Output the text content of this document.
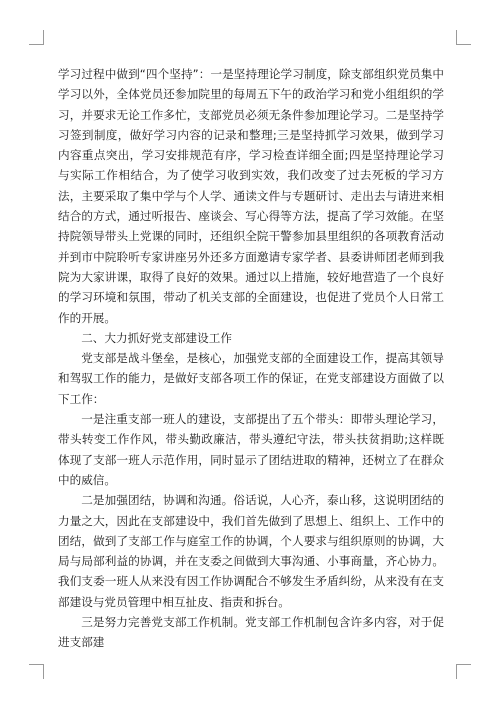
学习过程中做到“四个坚持”：一是坚持理论学习制度，除支部组织党员集中学习以外，全体党员还参加院里的每周五下午的政治学习和党小组组织的学习，并要求无论工作多忙，支部党员必须无条件参加理论学习。二是坚持学习签到制度，做好学习内容的记录和整理;三是坚持抓学习效果，做到学习内容重点突出，学习安排规范有序，学习检查详细全面;四是坚持理论学习与实际工作相结合，为了使学习收到实效，我们改变了过去死板的学习方法，主要采取了集中学与个人学、通读文件与专题研讨、走出去与请进来相结合的方式，通过听报告、座谈会、写心得等方法，提高了学习效能。在坚持院领导带头上党课的同时，还组织全院干警参加县里组织的各项教育活动并到市中院聆听专家讲座另外还多方面邀请专家学者、县委讲师团老师到我院为大家讲课，取得了良好的效果。通过以上措施，较好地营造了一个良好的学习环境和氛围，带动了机关支部的全面建设，也促进了党员个人日常工作的开展。

二、大力抓好党支部建设工作

党支部是战斗堡垒，是核心，加强党支部的全面建设工作，提高其领导和驾驭工作的能力，是做好支部各项工作的保证，在党支部建设方面做了以下工作：

一是注重支部一班人的建设，支部提出了五个带头：即带头理论学习，带头转变工作作风，带头勤政廉洁，带头遵纪守法，带头扶贫捐助;这样既体现了支部一班人示范作用，同时显示了团结进取的精神，还树立了在群众中的威信。

二是加强团结，协调和沟通。俗话说，人心齐，泰山移，这说明团结的力量之大，因此在支部建设中，我们首先做到了思想上、组织上、工作中的团结，做到了支部工作与庭室工作的协调，个人要求与组织原则的协调，大局与局部利益的协调，并在支委之间做到大事沟通、小事商量，齐心协力。我们支委一班人从来没有因工作协调配合不够发生矛盾纠纷，从来没有在支部建设与党员管理中相互扯皮、指责和拆台。

三是努力完善党支部工作机制。党支部工作机制包含许多内容，对于促进支部建
